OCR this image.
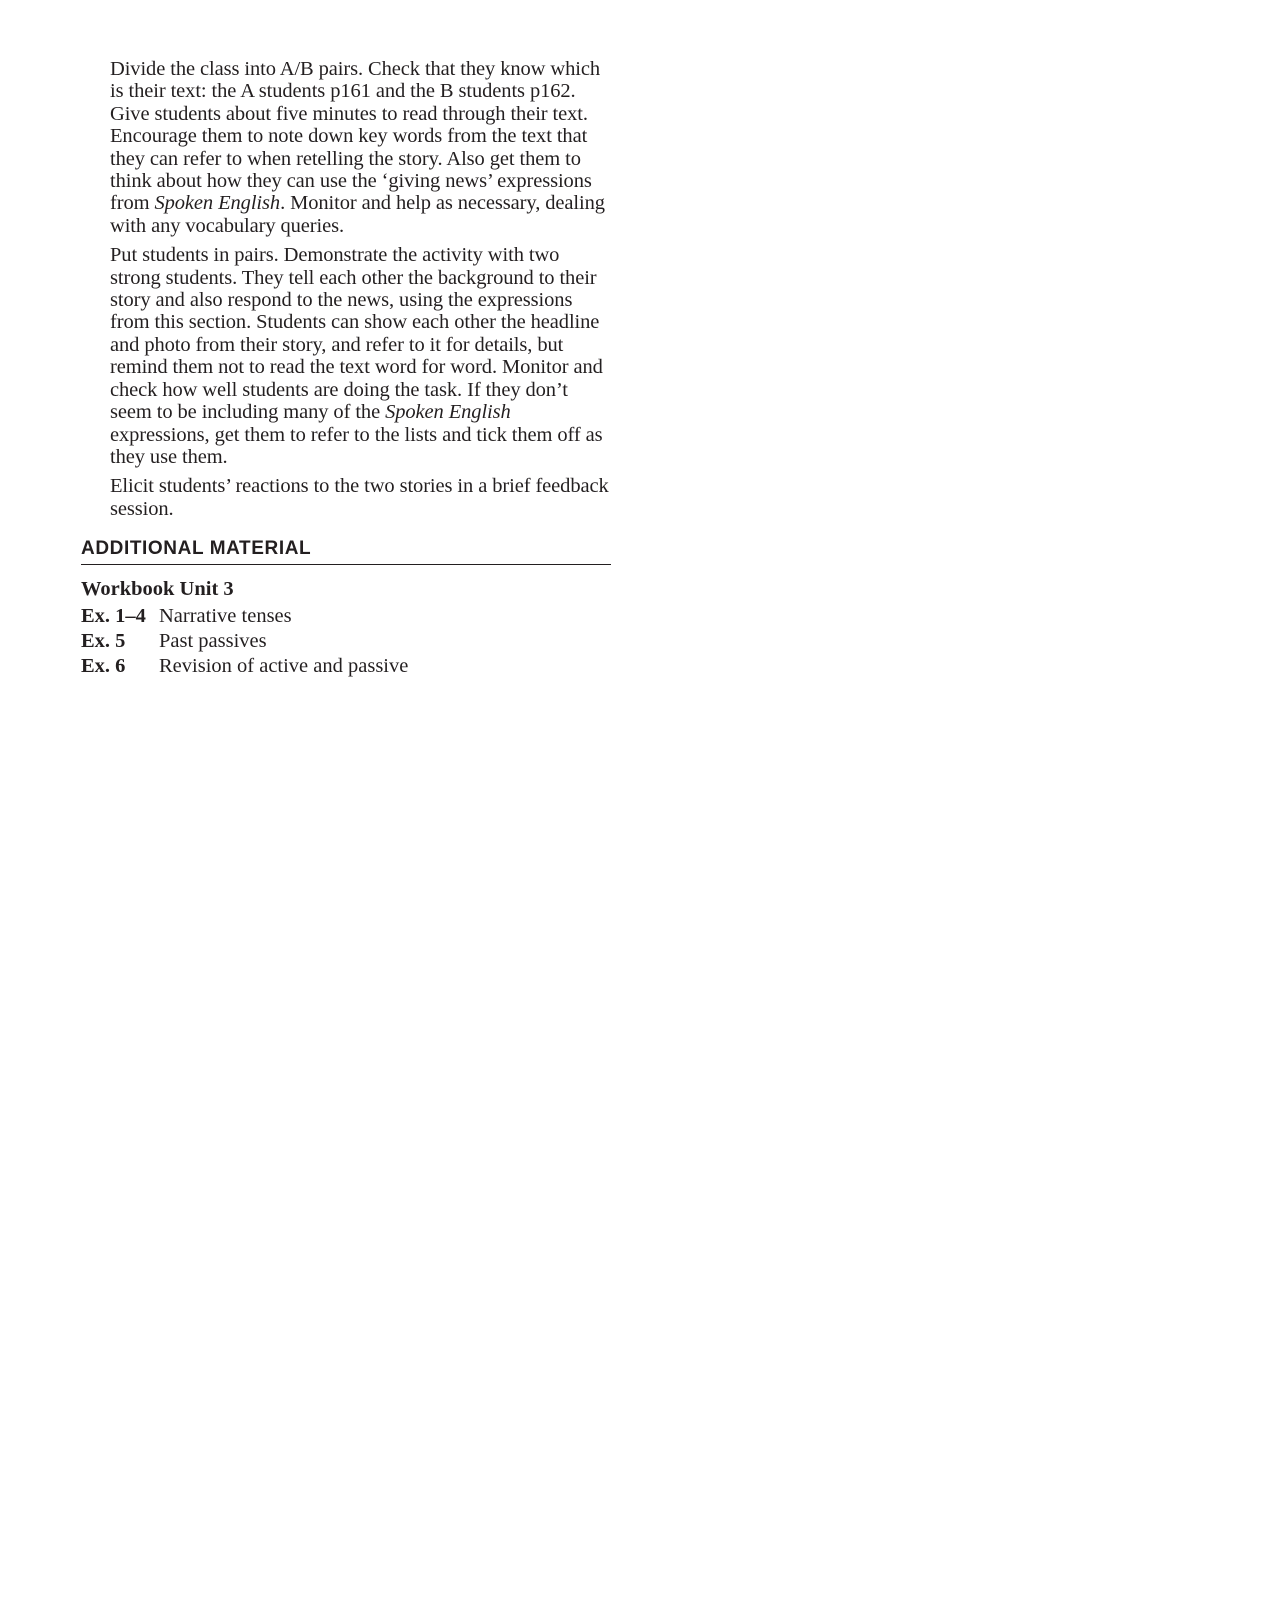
Divide the class into A/B pairs. Check that they know which is their text: the A students p161 and the B students p162. Give students about five minutes to read through their text. Encourage them to note down key words from the text that they can refer to when retelling the story. Also get them to think about how they can use the ‘giving news’ expressions from Spoken English. Monitor and help as necessary, dealing with any vocabulary queries.

Put students in pairs. Demonstrate the activity with two strong students. They tell each other the background to their story and also respond to the news, using the expressions from this section. Students can show each other the headline and photo from their story, and refer to it for details, but remind them not to read the text word for word. Monitor and check how well students are doing the task. If they don’t seem to be including many of the Spoken English expressions, get them to refer to the lists and tick them off as they use them.

Elicit students’ reactions to the two stories in a brief feedback session.

ADDITIONAL MATERIAL
Workbook Unit 3
Ex. 1–4 Narrative tenses
Ex. 5	Past passives
Ex. 6	Revision of active and passive
